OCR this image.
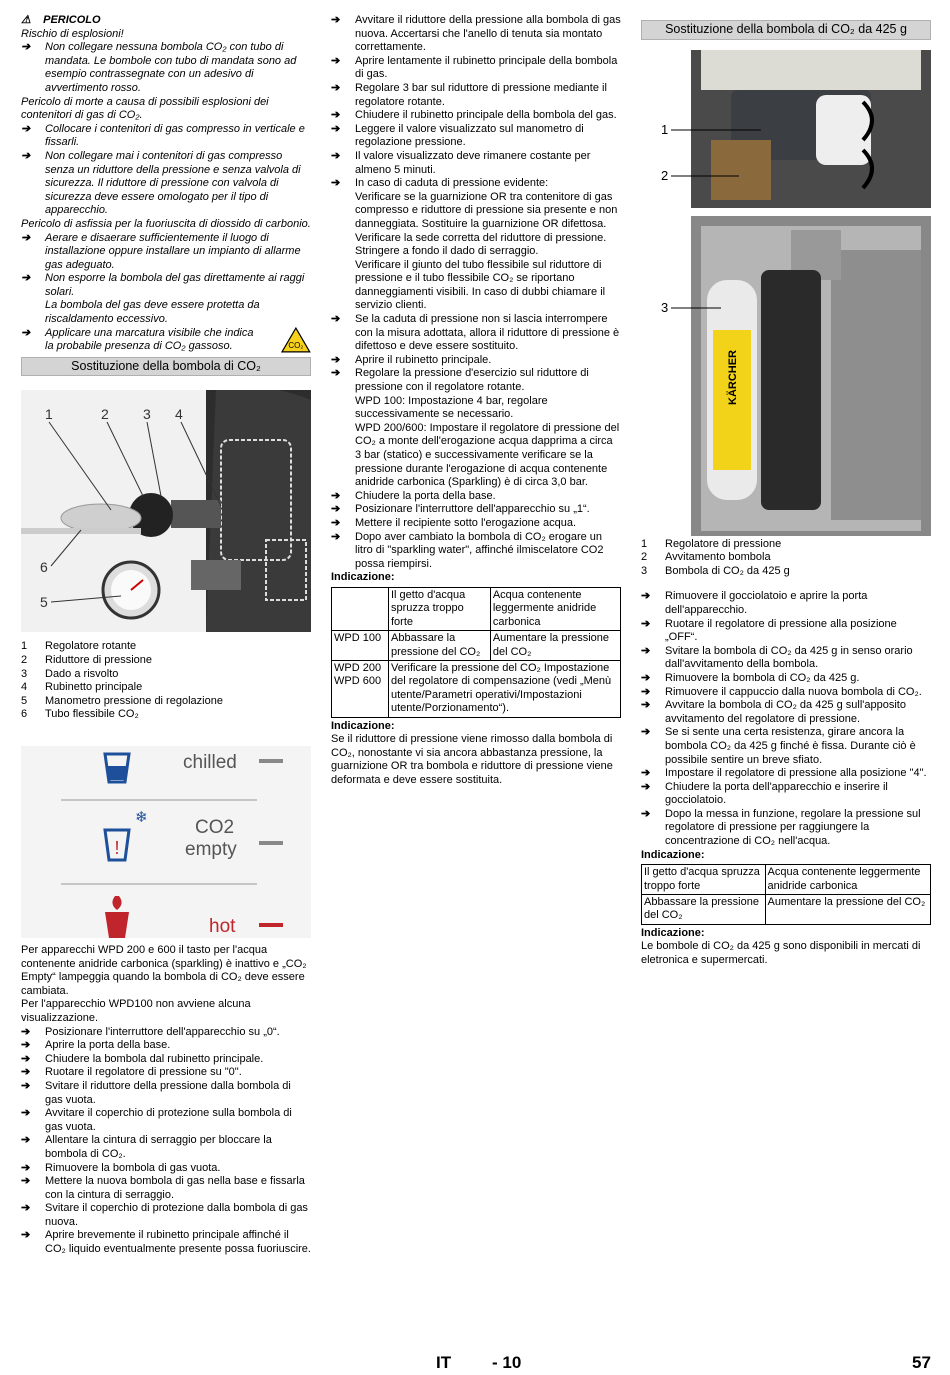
⚠ PERICOLO

Rischio di esplosioni!

➔ Non collegare nessuna bombola CO₂ con tubo di mandata. Le bombole con tubo di mandata sono ad esempio contrassegnate con un adesivo di avvertimento rosso.

Pericolo di morte a causa di possibili esplosioni dei contenitori di gas di CO₂.

➔ Collocare i contenitori di gas compresso in verticale e fissarli.

➔ Non collegare mai i contenitori di gas compresso senza un riduttore della pressione e senza valvola di sicurezza. Il riduttore di pressione con valvola di sicurezza deve essere omologato per il tipo di apparecchio.

Pericolo di asfissia per la fuoriuscita di diossido di carbonio.

➔ Aerare e disaerare sufficientemente il luogo di installazione oppure installare un impianto di allarme gas adeguato.

➔ Non esporre la bombola del gas direttamente ai raggi solari.

La bombola del gas deve essere protetta da riscaldamento eccessivo.

➔ Applicare una marcatura visibile che indica la probabile presenza di CO₂ gassoso.	CO₂
Sostituzione della bombola di CO₂
1	2 3 4
5
6
1	Regolatore rotante
2	Riduttore di pressione
3	Dado a risvolto
4	Rubinetto principale
5	Manometro pressione di regolazione
6	Tubo flessibile CO₂
chilled
!
❄ CO2
empty
hot

Per apparecchi WPD 200 e 600 il tasto per l'acqua contenente anidride carbonica (sparkling) è inattivo e „CO₂ Empty“ lampeggia quando la bombola di CO₂ deve essere cambiata.

Per l'apparecchio WPD100 non avviene alcuna visualizzazione.

➔ Posizionare l'interruttore dell'apparecchio su „0“.

➔ Aprire la porta della base.

➔ Chiudere la bombola dal rubinetto principale.

➔ Ruotare il regolatore di pressione su "0".

➔ Svitare il riduttore della pressione dalla bombola di gas vuota.

➔ Avvitare il coperchio di protezione sulla bombola di gas vuota.

➔ Allentare la cintura di serraggio per bloccare la bombola di CO₂.

➔ Rimuovere la bombola di gas vuota.

➔ Mettere la nuova bombola di gas nella base e fissarla con la cintura di serraggio.

➔ Svitare il coperchio di protezione dalla bombola di gas nuova.

➔ Aprire brevemente il rubinetto principale affinché il CO₂ liquido eventualmente presente possa fuoriuscire.

➔ Avvitare il riduttore della pressione alla bombola di gas nuova. Accertarsi che l'anello di tenuta sia montato correttamente.

➔ Aprire lentamente il rubinetto principale della bombola di gas.

➔ Regolare 3 bar sul riduttore di pressione mediante il regolatore rotante.

➔ Chiudere il rubinetto principale della bombola del gas.

➔ Leggere il valore visualizzato sul manometro di regolazione pressione.

➔ Il valore visualizzato deve rimanere costante per almeno 5 minuti.

➔ In caso di caduta di pressione evidente:

Verificare se la guarnizione OR tra contenitore di gas compresso e riduttore di pressione sia presente e non danneggiata. Sostituire la guarnizione OR difettosa.

Verificare la sede corretta del riduttore di pressione.

Stringere a fondo il dado di serraggio.

Verificare il giunto del tubo flessibile sul riduttore di pressione e il tubo flessibile CO₂ se riportano danneggiamenti visibili. In caso di dubbi chiamare il servizio clienti.

➔ Se la caduta di pressione non si lascia interrompere con la misura adottata, allora il riduttore di pressione è difettoso e deve essere sostituito.

➔ Aprire il rubinetto principale.

➔ Regolare la pressione d'esercizio sul riduttore di pressione con il regolatore rotante.

WPD 100: Impostazione 4 bar, regolare successivamente se necessario.

WPD 200/600: Impostare il regolatore di pressione del CO₂ a monte dell'erogazione acqua dapprima a circa 3 bar (statico) e successivamente verificare se la pressione durante l'erogazione di acqua contenente anidride carbonica (Sparkling) è di circa 3,0 bar.

➔ Chiudere la porta della base.

➔ Posizionare l'interruttore dell'apparecchio su „1“.

➔ Mettere il recipiente sotto l'erogazione acqua.

➔ Dopo aver cambiato la bombola di CO₂ erogare un litro di "sparkling water", affinché ilmiscelatore CO2 possa riempirsi.

Indicazione:

	Il getto d'acqua spruzza troppo forte	Acqua contenente leggermente anidride carbonica
WPD 100	Abbassare la pressione del CO₂	Aumentare la pressione del CO₂
WPD 200 WPD 600	Verificare la pressione del CO₂ Impostazione del regolatore di compensazione (vedi „Menù utente/Parametri operativi/Impostazioni utente/Porzionamento“).	

Indicazione:

Se il riduttore di pressione viene rimosso dalla bombola di CO₂, nonostante vi sia ancora abbastanza pressione, la guarnizione OR tra bombola e riduttore di pressione viene deformata e deve essere sostituita.

Sostituzione della bombola di CO₂ da 425 g
KÄRCHER
1
2
3
1	Regolatore di pressione
2	Avvitamento bombola
3	Bombola di CO₂ da 425 g

➔ Rimuovere il gocciolatoio e aprire la porta dell'apparecchio.

➔ Ruotare il regolatore di pressione alla posizione „OFF“.

➔ Svitare la bombola di CO₂ da 425 g in senso orario dall'avvitamento della bombola.

➔ Rimuovere la bombola di CO₂ da 425 g.

➔ Rimuovere il cappuccio dalla nuova bombola di CO₂.

➔ Avvitare la bombola di CO₂ da 425 g sull'apposito avvitamento del regolatore di pressione.

➔ Se si sente una certa resistenza, girare ancora la bombola CO₂ da 425 g finché è fissa. Durante ciò è possibile sentire un breve sfiato.

➔ Impostare il regolatore di pressione alla posizione "4".

➔ Chiudere la porta dell'apparecchio e inserire il gocciolatoio.

➔ Dopo la messa in funzione, regolare la pressione sul regolatore di pressione per raggiungere la concentrazione di CO₂ nell'acqua.

Indicazione:

Il getto d'acqua spruzza troppo forte	Acqua contenente leggermente anidride carbonica
Abbassare la pressione del CO₂	Aumentare la pressione del CO₂

Indicazione:

Le bombole di CO₂ da 425 g sono disponibili in mercati di eletronica e supermercati.

IT - 10	57
